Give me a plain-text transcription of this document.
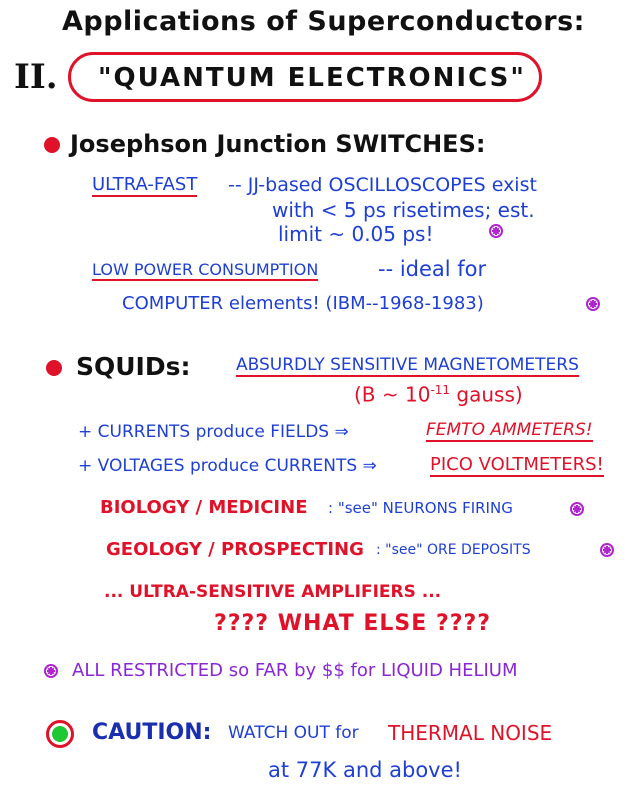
Applications of Superconductors:
II. "QUANTUM ELECTRONICS"
Josephson Junction SWITCHES:
ULTRA-FAST -- JJ-based OSCILLOSCOPES exist
with < 5 ps risetimes; est.
limit ~ 0.05 ps!
LOW POWER CONSUMPTION	-- ideal for
COMPUTER elements! (IBM--1968-1983)
SQUIDs:	ABSURDLY SENSITIVE MAGNETOMETERS
(B ~ $10^{-11}$ gauss)
+ CURRENTS produce FIELDS ⇒	FEMTO AMMETERS!
+ VOLTAGES produce CURRENTS ⇒	PICO VOLTMETERS!
BIOLOGY / MEDICINE : "see" NEURONS FIRING
GEOLOGY / PROSPECTING : "see" ORE DEPOSITS
... ULTRA-SENSITIVE AMPLIFIERS ...
???? WHAT ELSE ????
ALL RESTRICTED so FAR by $$ for LIQUID HELIUM
CAUTION: WATCH OUT for THERMAL NOISE
at 77K and above!
